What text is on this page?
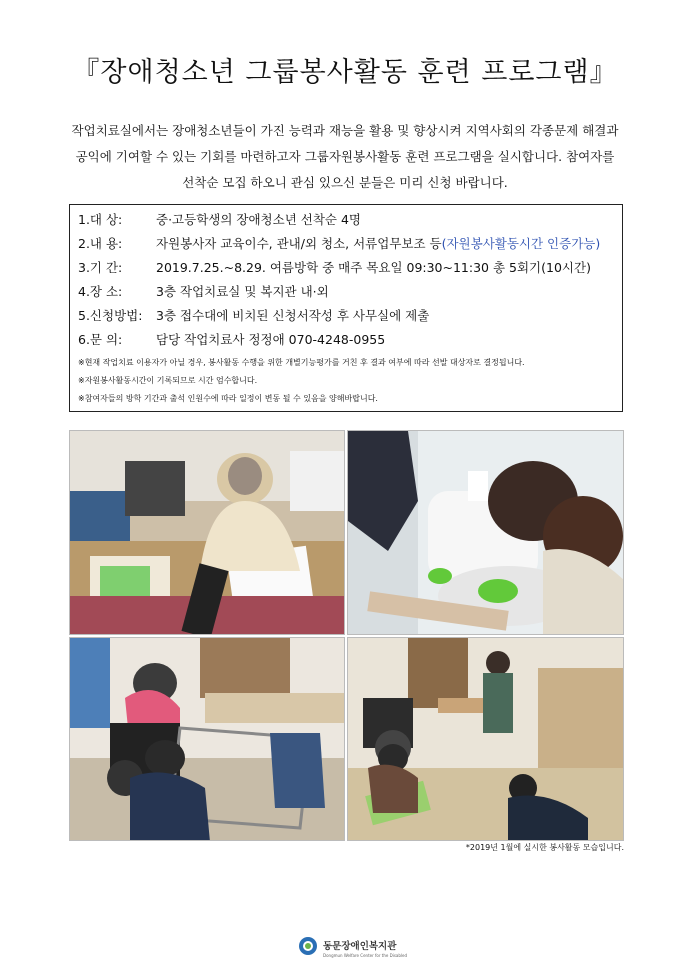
『장애청소년 그룹봉사활동 훈련 프로그램』
작업치료실에서는 장애청소년들이 가진 능력과 재능을 활용 및 향상시켜 지역사회의 각종문제 해결과
공익에 기여할 수 있는 기회를 마련하고자 그룹자원봉사활동 훈련 프로그램을 실시합니다. 참여자를
선착순 모집 하오니 관심 있으신 분들은 미리 신청 바랍니다.
1.대 상:	중·고등학생의 장애청소년 선착순 4명
2.내 용:	자원봉사자 교육이수, 관내/외 청소, 서류업무보조 등(자원봉사활동시간 인증가능)
3.기 간:	2019.7.25.~8.29. 여름방학 중 매주 목요일 09:30~11:30 총 5회기(10시간)
4.장 소:	3층 작업치료실 및 복지관 내·외
5.신청방법: 3층 접수대에 비치된 신청서작성 후 사무실에 제출
6.문 의:	담당 작업치료사 정정애 070-4248-0955
※현재 작업치료 이용자가 아닐 경우, 봉사활동 수행을 위한 개별기능평가를 거친 후 결과 여부에 따라 선발 대상자로 결정됩니다.
※자원봉사활동시간이 기록되므로 시간 엄수합니다.
※참여자들의 방학 기간과 출석 인원수에 따라 일정이 변동 될 수 있음을 양해바랍니다.
*2019년 1월에 실시한 봉사활동 모습입니다.
동문장애인복지관
Dongmun Welfare Center for the Disabled
